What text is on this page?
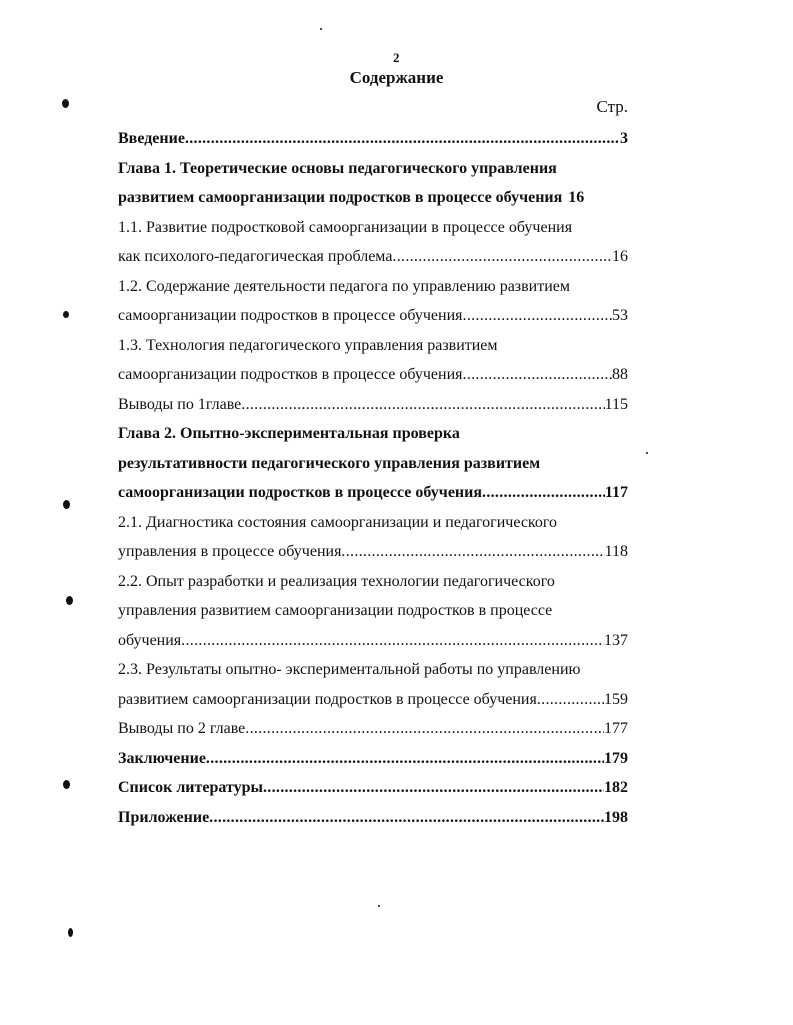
2
Содержание
Стр.
Введение .....	3
Глава 1. Теоретические основы педагогического управления
развитием самоорганизации подростков в процессе обучения 16
1.1. Развитие подростковой самоорганизации в процессе обучения
как психолого-педагогическая проблема .....	16
1.2. Содержание деятельности педагога по управлению развитием
самоорганизации подростков в процессе обучения .....	53
1.3. Технология педагогического управления развитием
самоорганизации подростков в процессе обучения .....	88
Выводы по 1главе .....	115
Глава 2. Опытно-экспериментальная проверка
результативности педагогического управления развитием
самоорганизации подростков в процессе обучения .....	117
2.1. Диагностика состояния самоорганизации и педагогического
управления в процессе обучения .....	118
2.2. Опыт разработки и реализация технологии педагогического
управления развитием самоорганизации подростков в процессе
обучения .....	137
2.3. Результаты опытно- экспериментальной работы по управлению
развитием самоорганизации подростков в процессе обучения .....	159
Выводы по 2 главе .....	177
Заключение .....	179
Список литературы .....	182
Приложение .....	198
